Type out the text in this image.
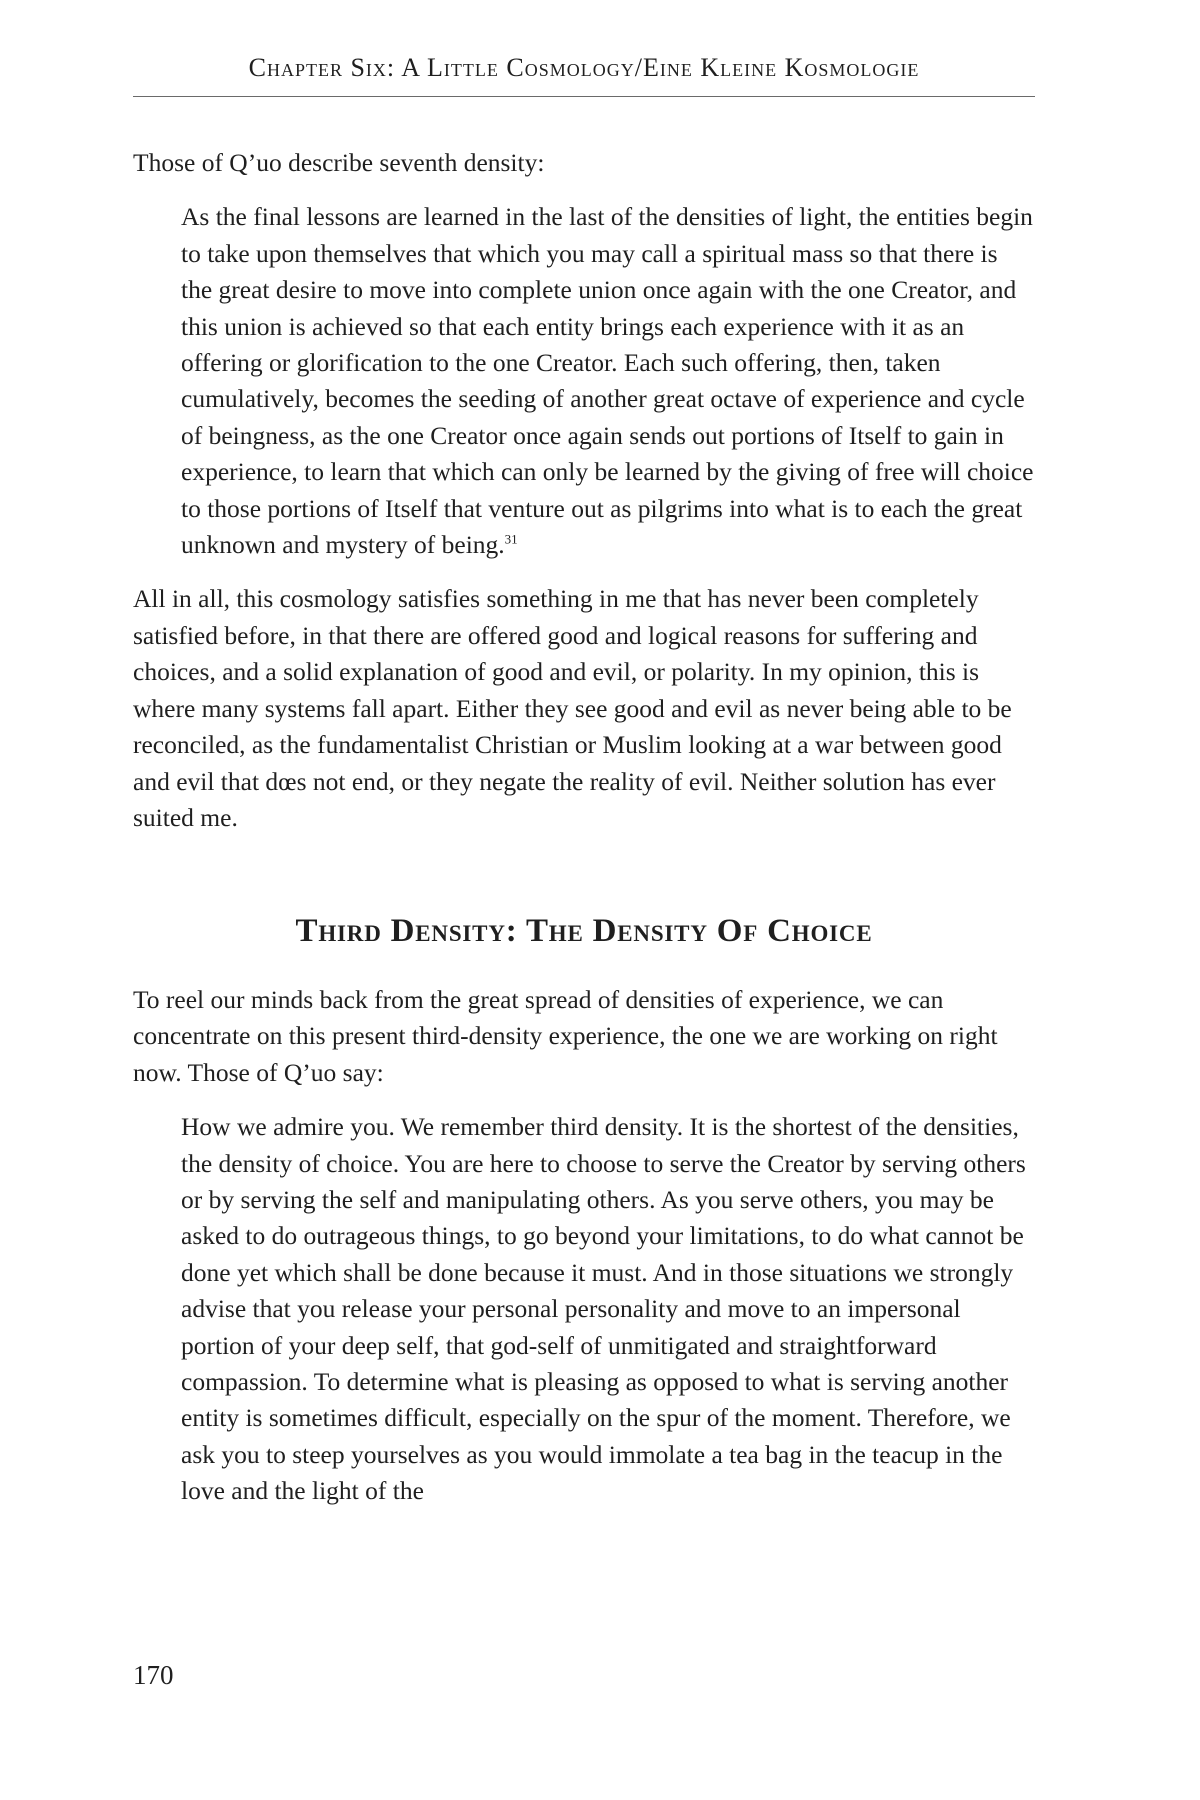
Chapter Six: A Little Cosmology/Eine Kleine Kosmologie

Those of Q’uo describe seventh density:

As the final lessons are learned in the last of the densities of light, the entities begin to take upon themselves that which you may call a spiritual mass so that there is the great desire to move into complete union once again with the one Creator, and this union is achieved so that each entity brings each experience with it as an offering or glorification to the one Creator. Each such offering, then, taken cumulatively, becomes the seeding of another great octave of experience and cycle of beingness, as the one Creator once again sends out portions of Itself to gain in experience, to learn that which can only be learned by the giving of free will choice to those portions of Itself that venture out as pilgrims into what is to each the great unknown and mystery of being.$^{31}$

All in all, this cosmology satisfies something in me that has never been completely satisfied before, in that there are offered good and logical reasons for suffering and choices, and a solid explanation of good and evil, or polarity. In my opinion, this is where many systems fall apart. Either they see good and evil as never being able to be reconciled, as the fundamentalist Christian or Muslim looking at a war between good and evil that dœs not end, or they negate the reality of evil. Neither solution has ever suited me.

Third Density: The Density Of Choice

To reel our minds back from the great spread of densities of experience, we can concentrate on this present third-density experience, the one we are working on right now. Those of Q’uo say:

How we admire you. We remember third density. It is the shortest of the densities, the density of choice. You are here to choose to serve the Creator by serving others or by serving the self and manipulating others. As you serve others, you may be asked to do outrageous things, to go beyond your limitations, to do what cannot be done yet which shall be done because it must. And in those situations we strongly advise that you release your personal personality and move to an impersonal portion of your deep self, that god-self of unmitigated and straightforward compassion. To determine what is pleasing as opposed to what is serving another entity is sometimes difficult, especially on the spur of the moment. Therefore, we ask you to steep yourselves as you would immolate a tea bag in the teacup in the love and the light of the

170
